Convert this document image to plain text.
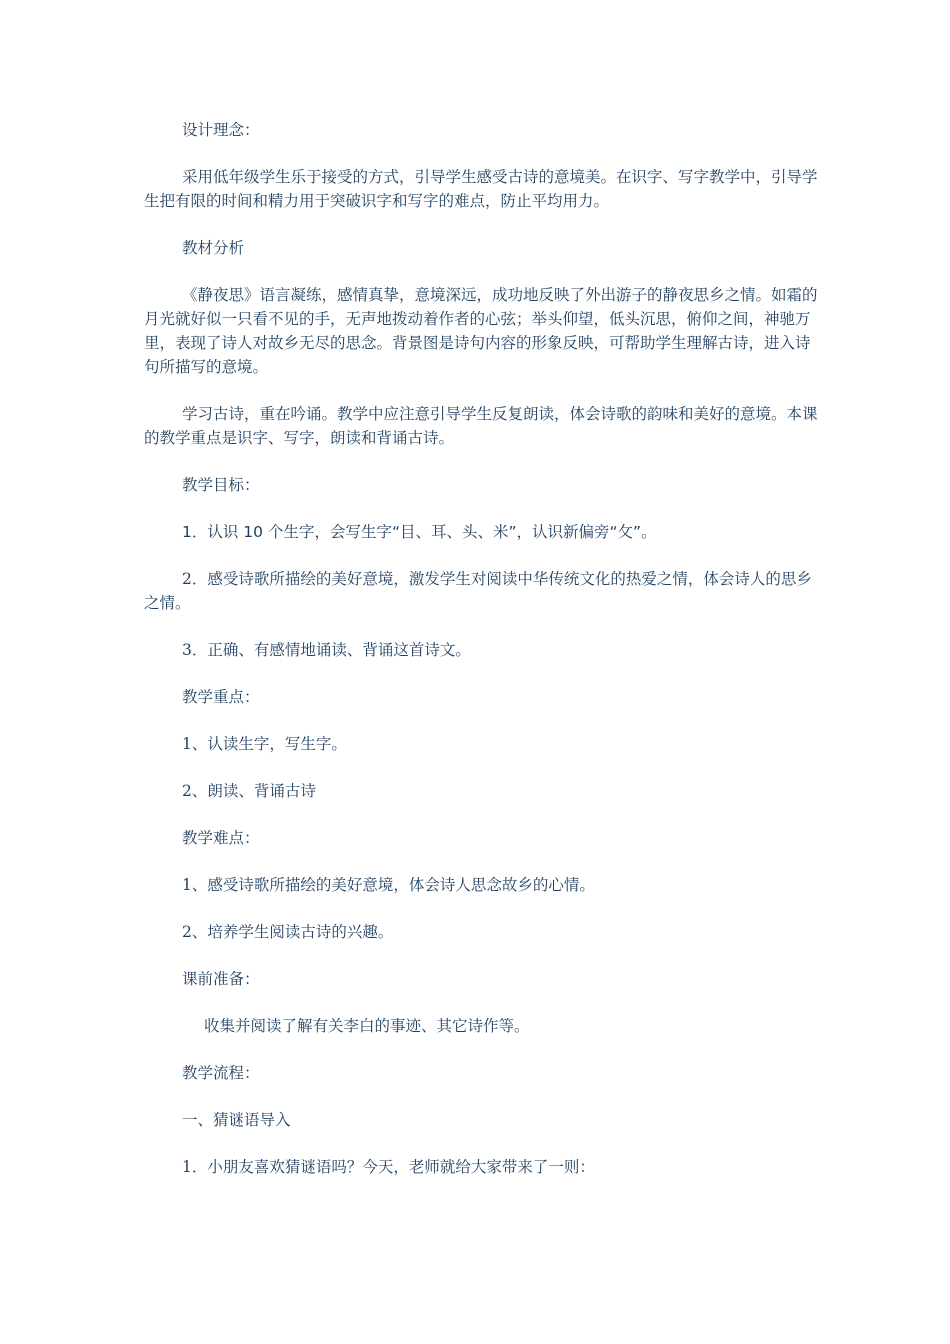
设计理念：

采用低年级学生乐于接受的方式，引导学生感受古诗的意境美。在识字、写字教学中，引导学生把有限的时间和精力用于突破识字和写字的难点，防止平均用力。

教材分析

《静夜思》语言凝练，感情真挚，意境深远，成功地反映了外出游子的静夜思乡之情。如霜的月光就好似一只看不见的手，无声地拨动着作者的心弦；举头仰望，低头沉思，俯仰之间，神驰万里，表现了诗人对故乡无尽的思念。背景图是诗句内容的形象反映，可帮助学生理解古诗，进入诗句所描写的意境。

学习古诗，重在吟诵。教学中应注意引导学生反复朗读，体会诗歌的韵味和美好的意境。本课的教学重点是识字、写字，朗读和背诵古诗。

教学目标：

1．认识 10 个生字，会写生字“目、耳、头、米”，认识新偏旁“攵”。

2．感受诗歌所描绘的美好意境，激发学生对阅读中华传统文化的热爱之情，体会诗人的思乡之情。

3．正确、有感情地诵读、背诵这首诗文。

教学重点：

1、认读生字，写生字。

2、朗读、背诵古诗

教学难点：

1、感受诗歌所描绘的美好意境，体会诗人思念故乡的心情。

2、培养学生阅读古诗的兴趣。

课前准备：

收集并阅读了解有关李白的事迹、其它诗作等。

教学流程：

一、猜谜语导入

1．小朋友喜欢猜谜语吗？今天，老师就给大家带来了一则：
